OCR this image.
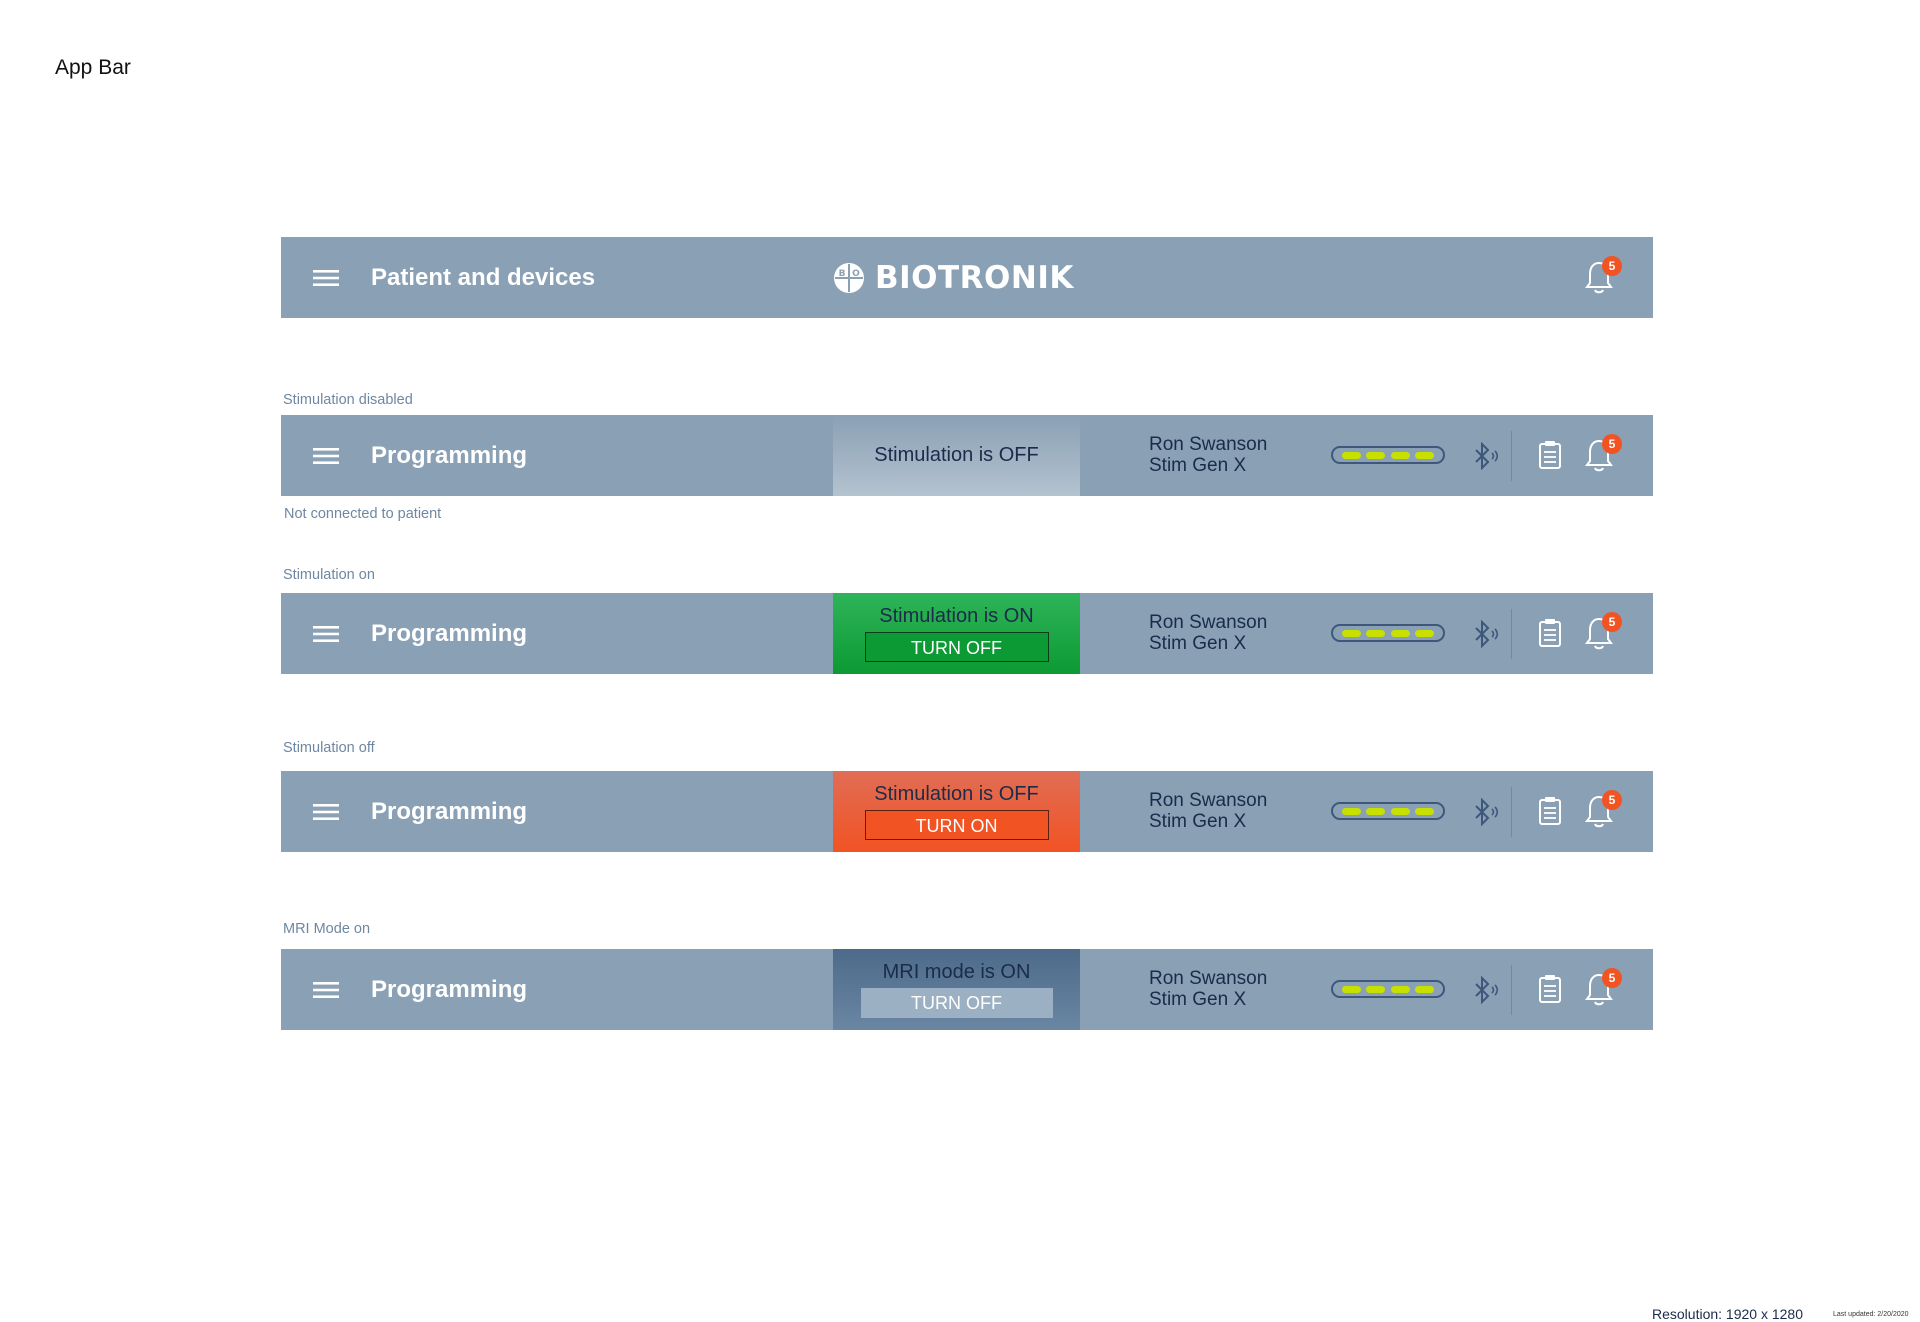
App Bar
Patient and devices	B O BIOTRONIK	5
Stimulation disabled
Programming	Stimulation is OFF	Ron Swanson
Stim Gen X
5
Not connected to patient
Stimulation on
Programming
Stimulation is ON
TURN OFF
Ron Swanson
Stim Gen X
5
Stimulation off
Programming
Stimulation is OFF
TURN ON
Ron Swanson
Stim Gen X
5
MRI Mode on
Programming
MRI mode is ON
TURN OFF
Ron Swanson
Stim Gen X
5
Resolution: 1920 x 1280	Last updated: 2/20/2020
